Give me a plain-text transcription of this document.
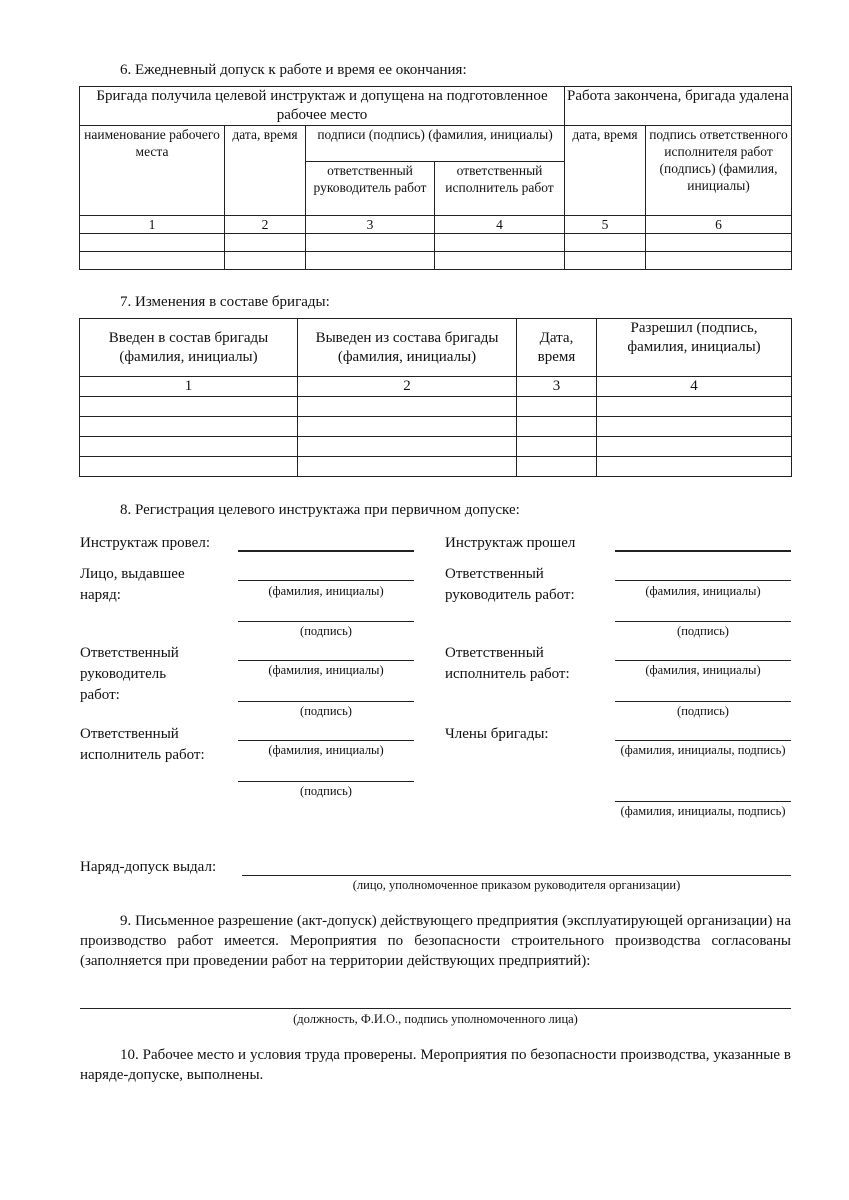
6. Ежедневный допуск к работе и время ее окончания:
Бригада получила целевой инструктаж и допущена на подготовленное рабочее место				Работа закончена, бригада удалена	
наименование рабочего места	дата, время	подписи (подпись) (фамилия, инициалы)		дата, время	подпись ответственного исполнителя работ (подпись) (фамилия, инициалы)
		ответственный руководитель работ	ответственный исполнитель работ		
1	2	3	4	5	6

7. Изменения в составе бригады:
Введен в состав бригады (фамилия, инициалы)	Выведен из состава бригады (фамилия, инициалы)	Дата, время	Разрешил (подпись, фамилия, инициалы)
1	2	3	4

8. Регистрация целевого инструктажа при первичном допуске:
Инструктаж провел:
Лицо, выдавшее наряд:	(фамилия, инициалы)
(подпись)
Ответственный руководитель работ:
(фамилия, инициалы)
(подпись)
Ответственный исполнитель работ:	(фамилия, инициалы)
(подпись)
Инструктаж прошел
Ответственный руководитель работ:	(фамилия, инициалы)
(подпись)
Ответственный исполнитель работ:	(фамилия, инициалы)
(подпись)
Члены бригады:
(фамилия, инициалы, подпись)
(фамилия, инициалы, подпись)
Наряд-допуск выдал:
(лицо, уполномоченное приказом руководителя организации)
9. Письменное разрешение (акт-допуск) действующего предприятия (эксплуатирующей организации) на производство работ имеется. Мероприятия по безопасности строительного производства согласованы (заполняется при проведении работ на территории действующих предприятий):
(должность, Ф.И.О., подпись уполномоченного лица)
10. Рабочее место и условия труда проверены. Мероприятия по безопасности производства, указанные в наряде-допуске, выполнены.
